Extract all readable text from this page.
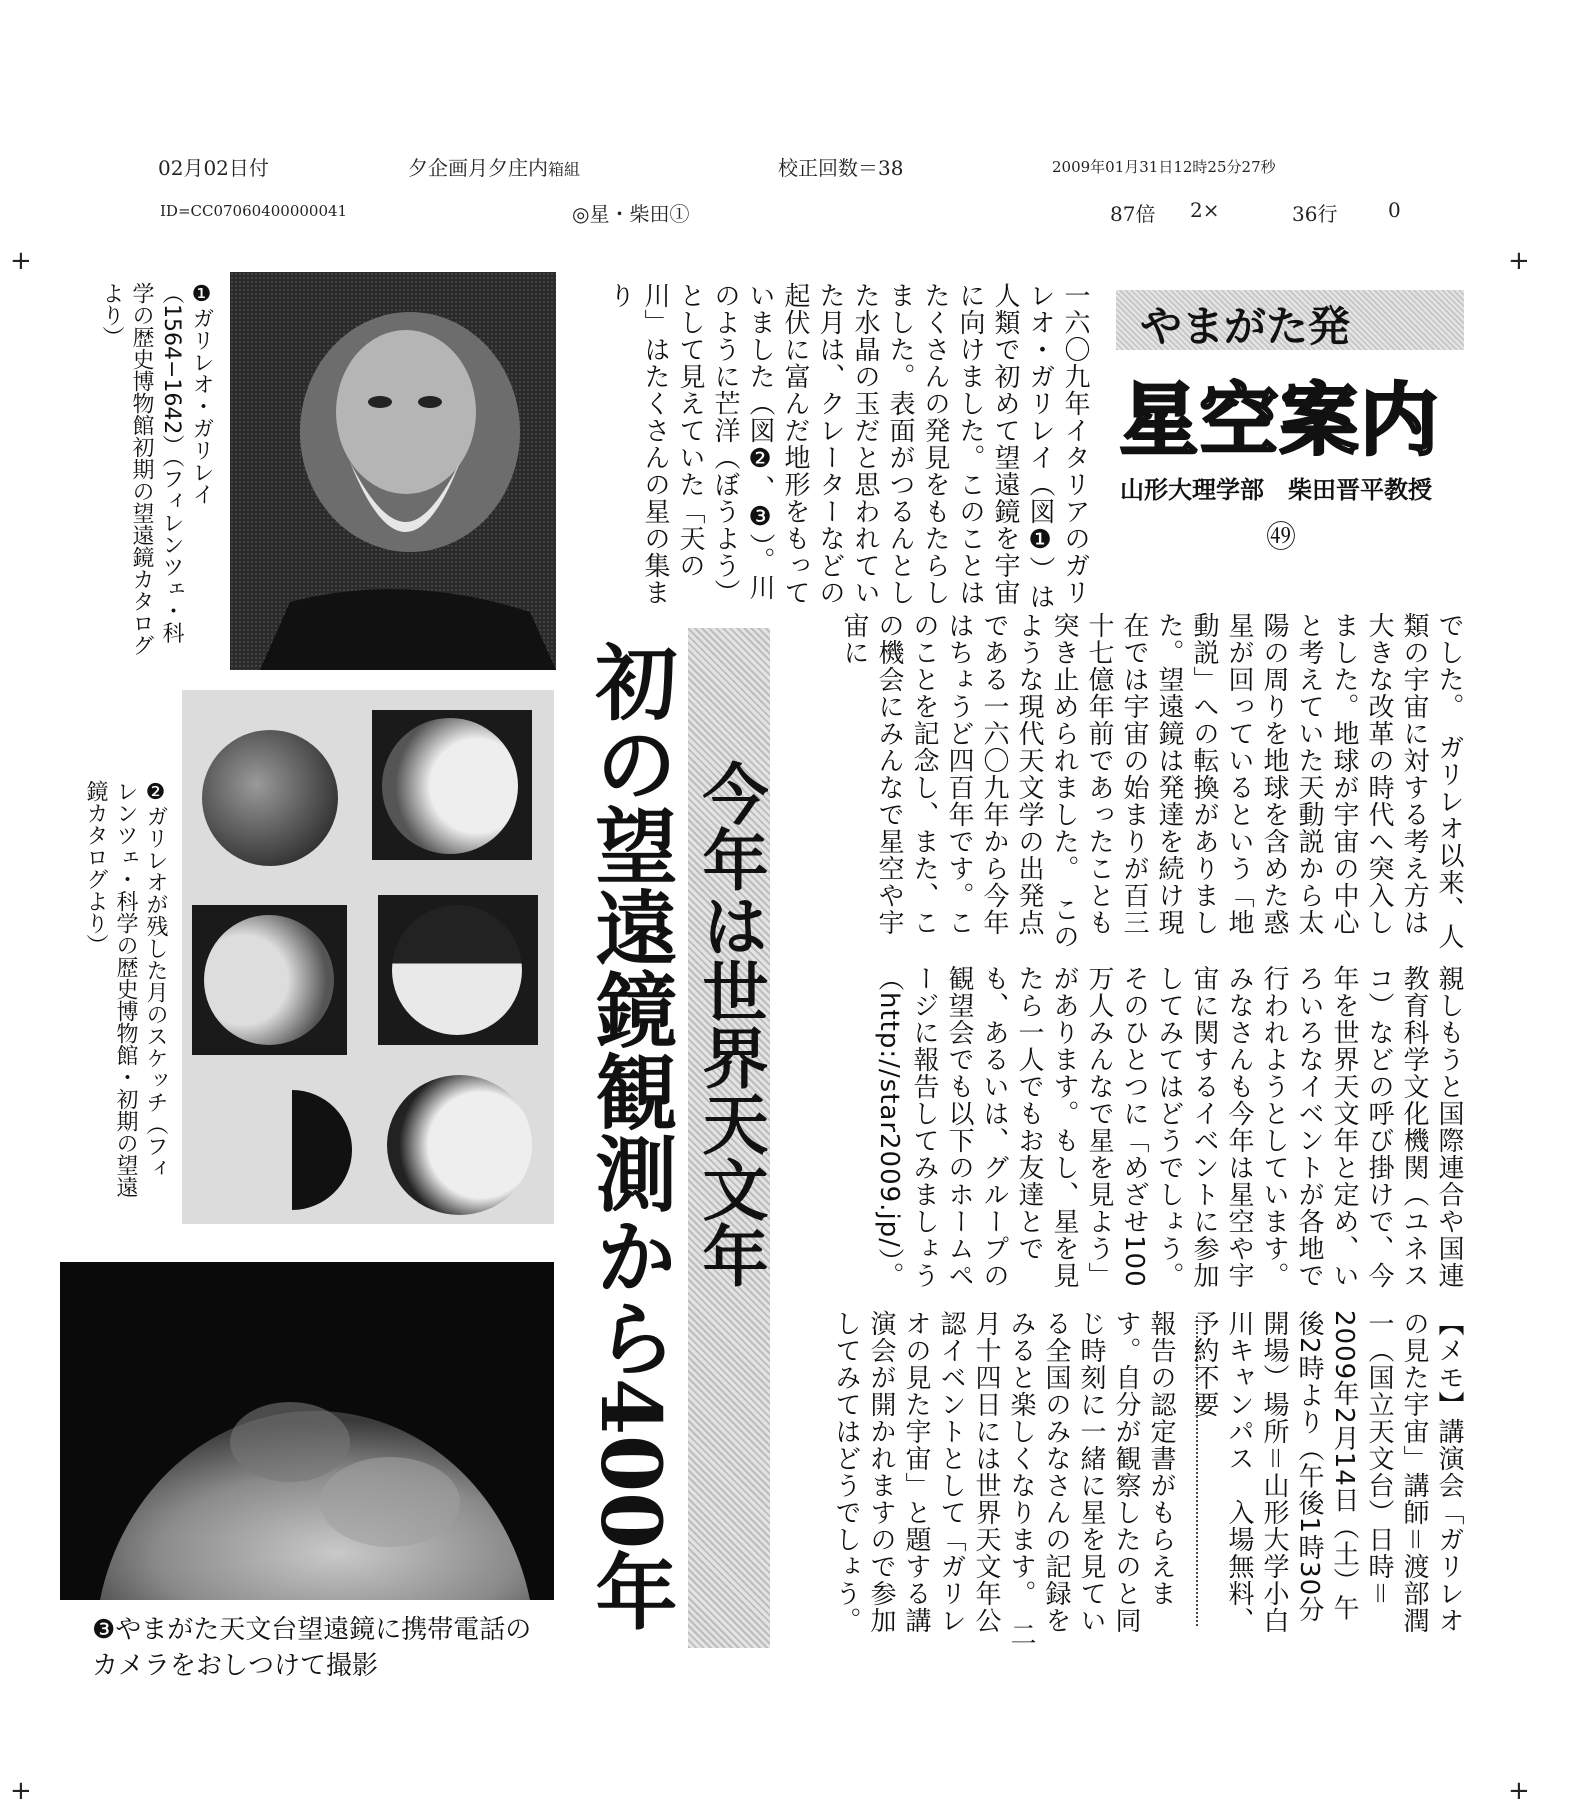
02月02日付	夕企画月夕庄内箱組	校正回数＝38	2009年01月31日12時25分27秒
ID=CC07060400000041	◎星・柴田①	87倍 2×	36行	0
+	+
+	+
やまがた発
星空案内
山形大理学部　柴田晋平教授
㊾
一六〇九年イタリアのガリレオ・ガリレイ（図❶）は人類で初めて望遠鏡を宇宙に向けました。このことはたくさんの発見をもたらしました。表面がつるんとした水晶の玉だと思われていた月は、クレーターなどの起伏に富んだ地形をもっていました（図❷、❸）。川のように芒洋（ぼうよう）として見えていた「天の川」はたくさんの星の集まり
❶ガリレオ・ガリレイ（1564−1642）（フィレンツェ・科学の歴史博物館初期の望遠鏡カタログより）
❷ガリレオが残した月のスケッチ（フィレンツェ・科学の歴史博物館・初期の望遠鏡カタログより）
❸やまがた天文台望遠鏡に携帯電話のカメラをおしつけて撮影
今年は世界天文年
初の望遠鏡観測から400年	でした。　ガリレオ以来、人類の宇宙に対する考え方は大きな改革の時代へ突入しました。地球が宇宙の中心と考えていた天動説から太陽の周りを地球を含めた惑星が回っているという「地動説」への転換がありました。望遠鏡は発達を続け現在では宇宙の始まりが百三十七億年前であったことも突き止められました。　このような現代天文学の出発点である一六〇九年から今年はちょうど四百年です。このことを記念し、また、この機会にみんなで星空や宇宙に
親しもうと国際連合や国連教育科学文化機関（ユネスコ）などの呼び掛けで、今年を世界天文年と定め、いろいろなイベントが各地で行われようとしています。みなさんも今年は星空や宇宙に関するイベントに参加してみてはどうでしょう。　そのひとつに「めざせ100万人みんなで星を見よう」があります。もし、星を見たら一人でもお友達とでも、あるいは、グループの観望会でも以下のホームページに報告してみましょう（http://star2009.jp/）。
報告の認定書がもらえます。自分が観察したのと同じ時刻に一緒に星を見ている全国のみなさんの記録をみると楽しくなります。　二月十四日には世界天文年公認イベントとして「ガリレオの見た宇宙」と題する講演会が開かれますので参加してみてはどうでしょう。	【メモ】講演会「ガリレオの見た宇宙」講師＝渡部潤一（国立天文台）日時＝2009年2月14日（土）午後2時より（午後1時30分開場）場所＝山形大学小白川キャンパス　入場無料、予約不要
